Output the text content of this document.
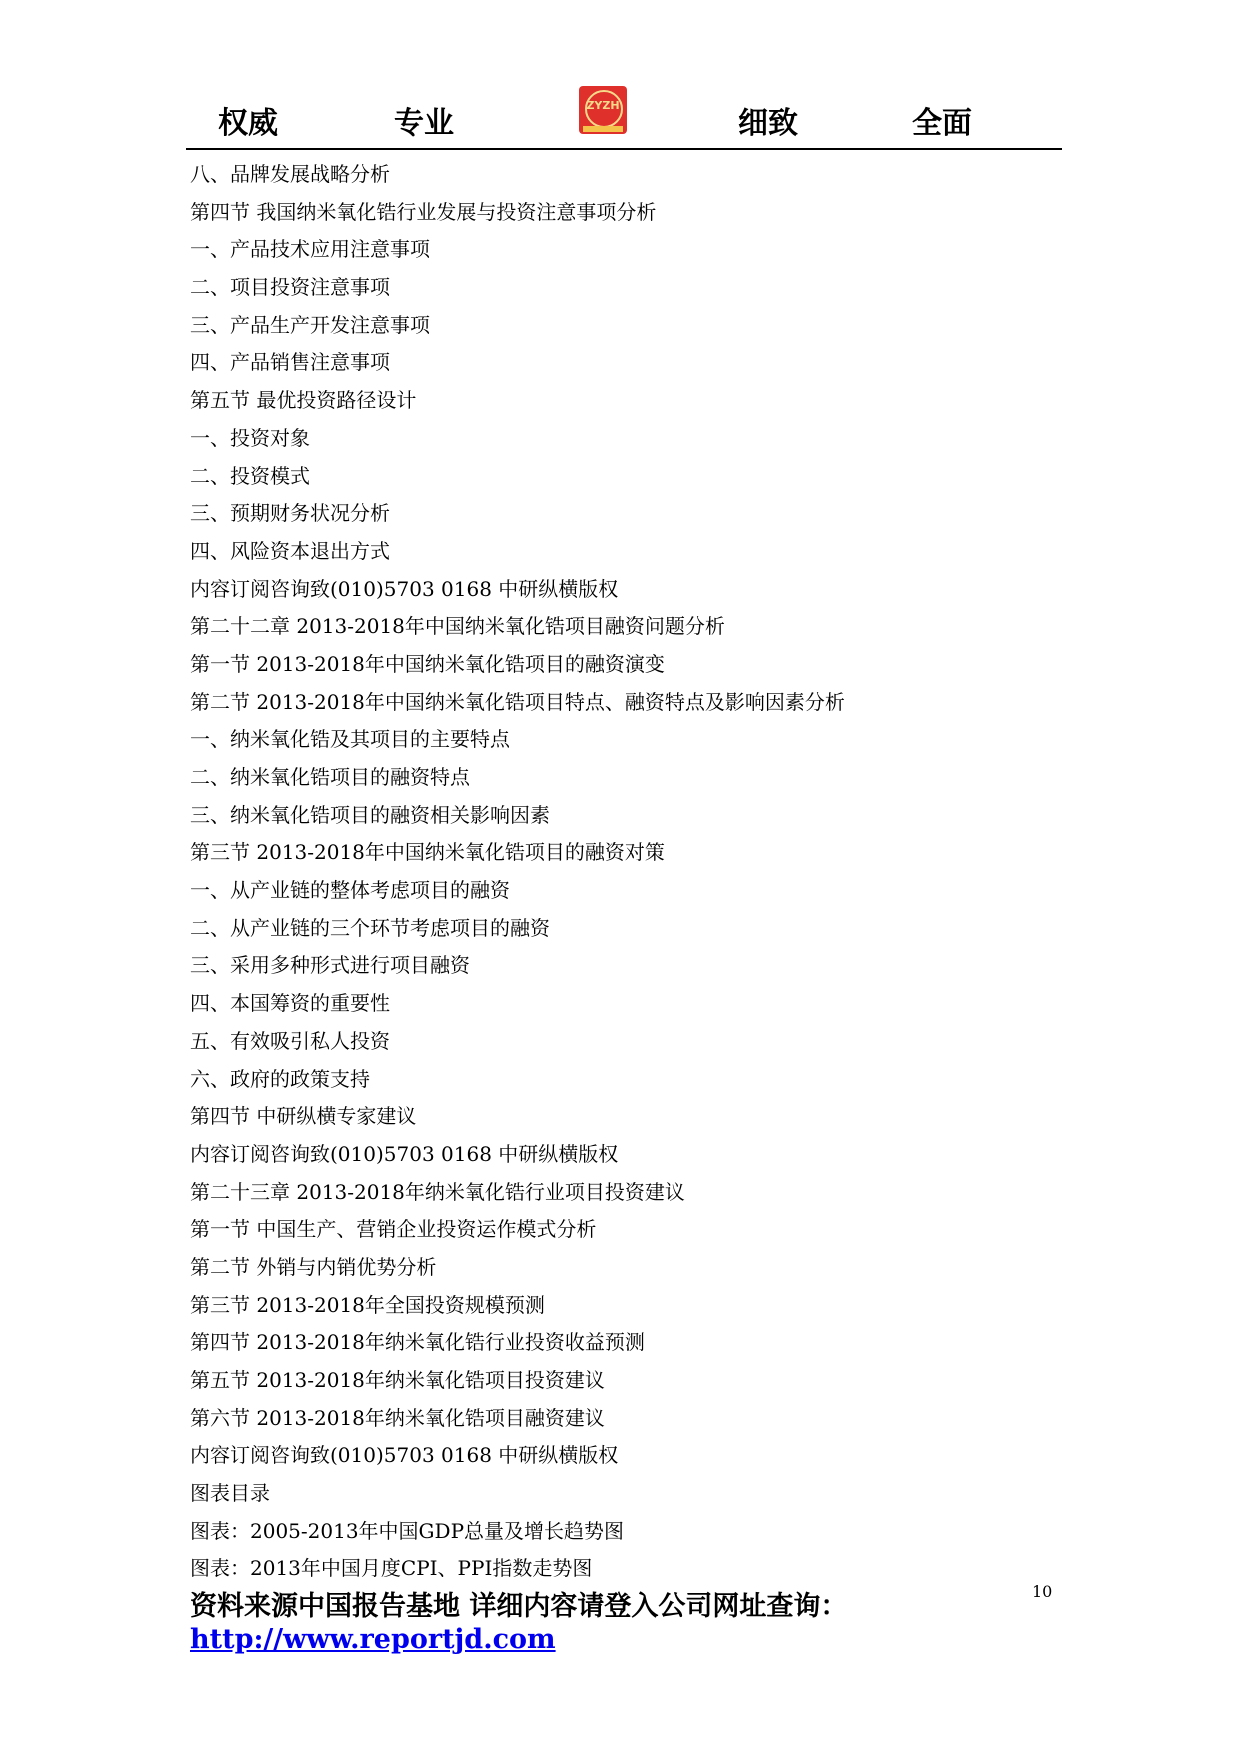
权威	专业
ZYZH
细致	全面
八、品牌发展战略分析
第四节 我国纳米氧化锆行业发展与投资注意事项分析
一、产品技术应用注意事项
二、项目投资注意事项
三、产品生产开发注意事项
四、产品销售注意事项
第五节 最优投资路径设计
一、投资对象
二、投资模式
三、预期财务状况分析
四、风险资本退出方式
内容订阅咨询致(010)5703 0168 中研纵横版权
第二十二章 2013-2018年中国纳米氧化锆项目融资问题分析
第一节 2013-2018年中国纳米氧化锆项目的融资演变
第二节 2013-2018年中国纳米氧化锆项目特点、融资特点及影响因素分析
一、纳米氧化锆及其项目的主要特点
二、纳米氧化锆项目的融资特点
三、纳米氧化锆项目的融资相关影响因素
第三节 2013-2018年中国纳米氧化锆项目的融资对策
一、从产业链的整体考虑项目的融资
二、从产业链的三个环节考虑项目的融资
三、采用多种形式进行项目融资
四、本国筹资的重要性
五、有效吸引私人投资
六、政府的政策支持
第四节 中研纵横专家建议
内容订阅咨询致(010)5703 0168 中研纵横版权
第二十三章 2013-2018年纳米氧化锆行业项目投资建议
第一节 中国生产、营销企业投资运作模式分析
第二节 外销与内销优势分析
第三节 2013-2018年全国投资规模预测
第四节 2013-2018年纳米氧化锆行业投资收益预测
第五节 2013-2018年纳米氧化锆项目投资建议
第六节 2013-2018年纳米氧化锆项目融资建议
内容订阅咨询致(010)5703 0168 中研纵横版权
图表目录
图表：2005-2013年中国GDP总量及增长趋势图
图表：2013年中国月度CPI、PPI指数走势图
资料来源中国报告基地 详细内容请登入公司网址查询：	10
http://www.reportjd.com
